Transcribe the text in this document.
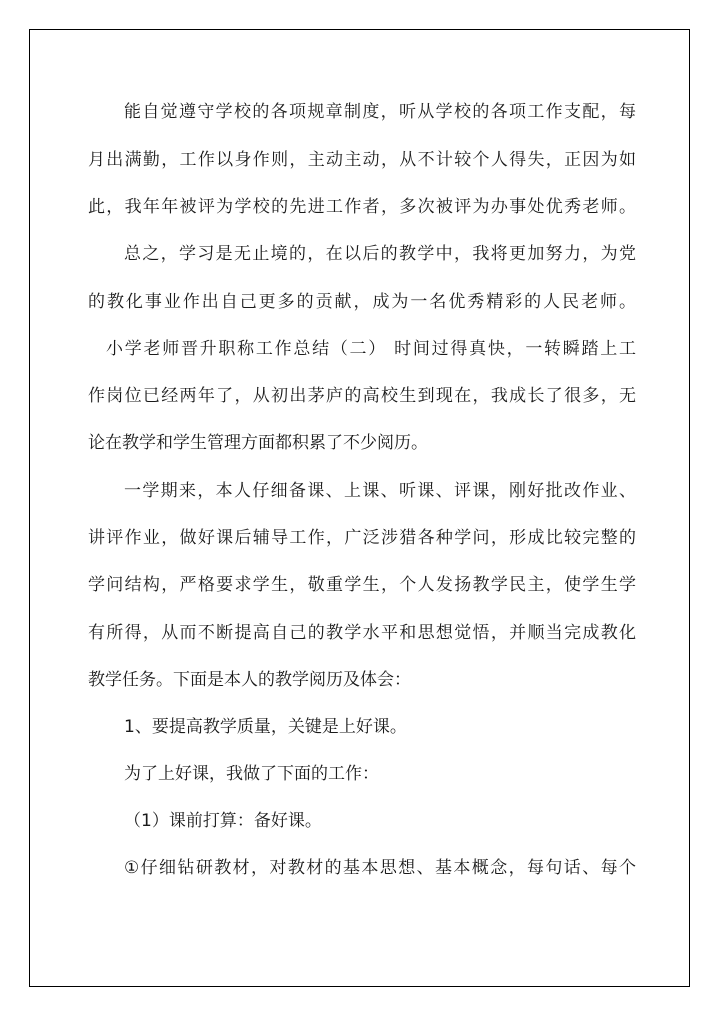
能自觉遵守学校的各项规章制度，听从学校的各项工作支配，每

月出满勤，工作以身作则，主动主动，从不计较个人得失，正因为如

此，我年年被评为学校的先进工作者，多次被评为办事处优秀老师。

总之，学习是无止境的，在以后的教学中，我将更加努力，为党

的教化事业作出自己更多的贡献，成为一名优秀精彩的人民老师。

小学老师晋升职称工作总结（二） 时间过得真快，一转瞬踏上工

作岗位已经两年了，从初出茅庐的高校生到现在，我成长了很多，无

论在教学和学生管理方面都积累了不少阅历。

一学期来，本人仔细备课、上课、听课、评课，刚好批改作业、

讲评作业，做好课后辅导工作，广泛涉猎各种学问，形成比较完整的

学问结构，严格要求学生，敬重学生，个人发扬教学民主，使学生学

有所得，从而不断提高自己的教学水平和思想觉悟，并顺当完成教化

教学任务。下面是本人的教学阅历及体会：

1、要提高教学质量，关键是上好课。

为了上好课，我做了下面的工作：

（1）课前打算：备好课。

①仔细钻研教材，对教材的基本思想、基本概念，每句话、每个
